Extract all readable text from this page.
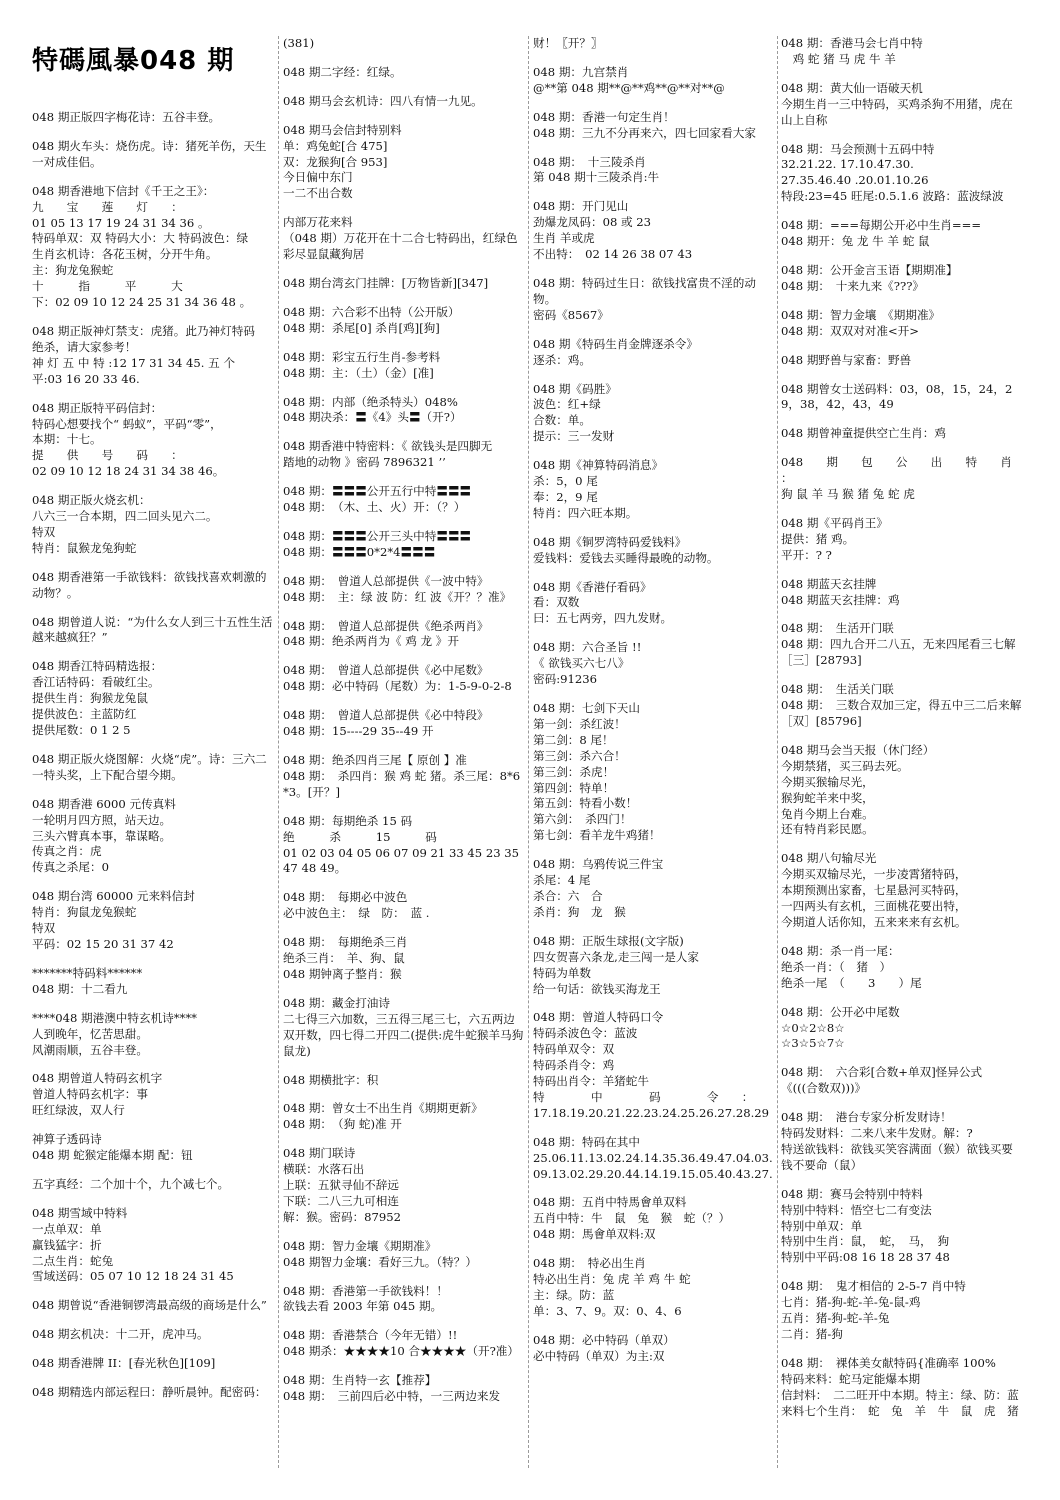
特碼風暴048 期
048 期正版四字梅花诗：五谷丰登。
048 期火车头：烧伤虎。诗：猪死羊伤，天生一对成佳侣。
048 期香港地下信封《千王之王》：
九　　宝　　莲　　灯　　：
01 05 13 17 19 24 31 34 36 。
特码单双：双 特码大小：大 特码波色：绿
生肖玄机诗：各花玉树，分开牛角。
主：狗龙兔猴蛇
十　　　指　　　平　　　大
下：02 09 10 12 24 25 31 34 36 48 。
048 期正版神灯禁支：虎猪。此乃神灯特码
绝杀，请大家参考！
神 灯 五 中 特 :12 17 31 34 45. 五 个
平:03 16 20 33 46.
048 期正版特平码信封：
特码心想要找个“ 蚂蚁”，平码“零”，
本期：十七。
提　　供　　号　　码　　：
02 09 10 12 18 24 31 34 38 46。
048 期正版火烧玄机：
八六三一合本期，四二回头见六二。
特双
特肖：鼠猴龙兔狗蛇
048 期香港第一手欲钱料：欲钱找喜欢刺激的动物？。
048 期曾道人说：“为什么女人到三十五性生活越来越疯狂？”
048 期香江特码精选报：
香江话特码：看破红尘。
提供生肖：狗猴龙兔鼠
提供波色：主蓝防红
提供尾数：0 1 2 5
048 期正版火烧图解：火烧“虎”。诗：三六二一特头奖，上下配合望今期。
048 期香港 6000 元传真料
一轮明月四方照，站天边。
三头六臂真本事，靠谋略。
传真之肖：虎
传真之杀尾：0
048 期台湾 60000 元来料信封
特肖：狗鼠龙兔猴蛇
特双
平码：02 15 20 31 37 42
*******特码料******
048 期：十二看九
****048 期港澳中特玄机诗****
人到晚年，忆苦思甜。
风潮雨顺，五谷丰登。
048 期曾道人特码玄机字
曾道人特码玄机字：事
旺红绿波，双人行
神算子透码诗
048 期 蛇猴定能爆本期 配：钮
五字真经：二个加十个，九个减七个。
048 期雪域中特料
一点单双：单
赢钱猛字：折
二点生肖：蛇兔
雪域送码：05 07 10 12 18 24 31 45
048 期曾说“香港铜锣湾最高级的商场是什么”
048 期玄机决：十二开，虎冲马。
048 期香港牌 II：[春光秋色][109]
048 期精选内部运程曰：静听晨钟。配密码：
(381)
048 期二字经：红绿。
048 期马会玄机诗：四八有情一九见。
048 期马会信封特别料
单：鸡兔蛇[合 475]
双：龙猴狗[合 953]
今日偏中东门
一二不出合数
内部万花来料
（048 期）万花开在十二合七特码出，红绿色彩尽显鼠藏狗居
048 期台湾玄门挂牌：[万物皆新][347]
048 期：六合彩不出特（公开版）
048 期：杀尾[0] 杀肖[鸡][狗]
048 期：彩宝五行生肖-参考料
048 期：主：（土）（金）[准]
048 期：内部（绝杀特头）048%
048 期决杀：〓《4》头〓（开?）
048 期香港中特密料：《 欲钱头是四脚无
踏地的动物 》密码 7896321 ’’
048 期：〓〓〓公开五行中特〓〓〓
048 期：　（木、土、火）开：（？）
048 期：〓〓〓公开三头中特〓〓〓
048 期：〓〓〓0*2*4〓〓〓
048 期：　曾道人总部提供《一波中特》
048 期：　主：绿 波 防：红 波《开？？准》
048 期：　曾道人总部提供《绝杀两肖》
048 期：绝杀两肖为《 鸡 龙 》开
048 期：　曾道人总部提供《必中尾数》
048 期：必中特码（尾数）为：1-5-9-0-2-8
048 期：　曾道人总部提供《必中特段》
048 期：15----29 35--49 开
048 期：绝杀四肖三尾【 原创 】准
048 期：　杀四肖：猴 鸡 蛇 猪。杀三尾：8*6*3。[开？]
048 期：每期绝杀 15 码
绝　　　杀　　　15　　　码
01 02 03 04 05 06 07 09 21 33 45 23 35 47 48 49。
048 期：　每期必中波色
必中波色主：　绿　防：　蓝 .
048 期：　每期绝杀三肖
绝杀三肖：　羊、狗、鼠
048 期钟离子整肖：猴
048 期：藏金打油诗
二七得三六加数，三五得三尾三七，六五两边双开数，四七得二开四二(提供:虎牛蛇猴羊马狗鼠龙)
048 期横批字：积
048 期：曾女士不出生肖《期期更新》
048 期：　（狗 蛇)准 开
048 期门联诗
横联：水落石出
上联：五狱寻仙不辞远
下联：二八三九可相连
解：猴。密码：87952
048 期：智力金壤《期期准》
048 期智力金壤：看好三九。（特？）
048 期：香港第一手欲钱料！！
欲钱去看 2003 年第 045 期。
048 期：香港禁合（今年无错）!!
048 期杀：★★★★10 合★★★★（开?准）
048 期：生肖特一玄【推荐】
048 期：　三前四后必中特，一三两边来发
财！〖开？〗
048 期：九宫禁肖
@**第 048 期**@**鸡**@**对**@
048 期：香港一句定生肖！
048 期：三九不分再来六，四七回家看大家
048 期：　十三陵杀肖
第 048 期十三陵杀肖:牛
048 期：开门见山
劲爆龙凤码：08 或 23
生肖 羊或虎
不出特：　02 14 26 38 07 43
048 期：特码过生日：欲钱找富贵不淫的动物。
密码《8567》
048 期《特码生肖金牌逐杀令》
逐杀：鸡。
048 期《码胜》
波色：红+绿
合数：单。
提示：三一发财
048 期《神算特码消息》
杀：5，0 尾
奉：2，9 尾
特肖：四六旺本期。
048 期《铜罗湾特码爱钱料》
爱钱料：爱钱去买睡得最晚的动物。
048 期《香港仔看码》
看：双数
曰：五七两旁，四九发财。
048 期：六合圣旨 !!
《 欲钱买六七八》
密码:91236
048 期：七剑下天山
第一剑：杀红波！
第二剑：8 尾！
第三剑：杀六合！
第三剑：杀虎！
第四剑：特单！
第五剑：特看小数！
第六剑：　杀四门！
第七剑：看羊龙牛鸡猪！
048 期：乌鸦传说三件宝
杀尾：4 尾
杀合：六　合
杀肖：狗　龙　猴
048 期：正版生球报(文字版)
四女贺喜六条龙,走三闯一是人家
特码为单数
给一句话：欲钱买海龙王
048 期：曾道人特码口令
特码杀波色令：蓝波
特码单双令：双
特码杀肖令：鸡
特码出肖令：羊猪蛇牛
特　　　　中　　　　码　　　　令　　：
17.18.19.20.21.22.23.24.25.26.27.28.29
048 期：特码在其中
25.06.11.13.02.24.14.35.36.49.47.04.03.
09.13.02.29.20.44.14.19.15.05.40.43.27.
048 期：五肖中特馬會单双料
五肖中特：牛　鼠　兔　猴　蛇（？）
048 期：馬會单双料:双
048 期：　特必出生肖
特必出生肖：兔 虎 羊 鸡 牛 蛇
主：绿。防：蓝
单：3、7、9。双：0、4、6
048 期：必中特码（单双）
必中特码（单双）为主:双
048 期：香港马会七肖中特
　鸡 蛇 猪 马 虎 牛 羊
048 期：黄大仙一语破天机
今期生肖一三中特码，买鸡杀狗不用猪，虎在山上自称
048 期：马会预测十五码中特
32.21.22. 17.10.47.30.
27.35.46.40 .20.01.10.26
特段:23=45 旺尾:0.5.1.6 波路：蓝波绿波
048 期：===每期公开必中生肖===
048 期开：兔 龙 牛 羊 蛇 鼠
048 期：公开金言玉语【期期准】
048 期：　十来九来《???》
048 期：智力金壤　《期期准》
048 期：双双对对准<开>
048 期野兽与家畜：野兽
048 期曾女士送码料：03，08，15，24，29，38，42，43，49
048 期曾神童提供空亡生肖：鸡
048　　期　　包　　公　　出　　特　　肖　　：
狗 鼠 羊 马 猴 猪 兔 蛇 虎
048 期《平码肖王》
提供：猪 鸡。
平开：? ?
048 期蓝天玄挂牌
048 期蓝天玄挂牌：鸡
048 期：　生活开门联
048 期：四九合开二八五，无来四尾看三七解［三］[28793]
048 期：　生活关门联
048 期：　三数合双加三定，得五中三二后来解［双］[85796]
048 期马会当天报（休门经）
今期禁猪，买三码去死。
今期买猴输尽光，
猴狗蛇羊来中奖，
兔肖今期上台难。
还有特肖彩民愿。
048 期八句输尽光
今期买双输尽光，一步凌霄猪特码，
本期预测出家畜，七星悬河买特码，
一四两头有玄机，三面桃花要出特，
今期道人话你知，五来来来有玄机。
048 期：杀一肖一尾：
绝杀一肖：（　猪　）
绝杀一尾　（　　3　　）尾
048 期：公开必中尾数
☆0☆2☆8☆
☆3☆5☆7☆
048 期：　六合彩[合数+单双]怪异公式
《(((合数双)))》
048 期：　港台专家分析发财诗！
特码发财料：二来八来牛发财。解：?
特送欲钱料：欲钱买笑容满面（猴）欲钱买要钱不要命（鼠）
048 期：赛马会特别中特料
特别中特料：悟空七二有变法
特别中单双：单
特别中生肖：鼠，　蛇，　马，　狗
特别中平码:08 16 18 28 37 48
048 期：　鬼才相信的 2-5-7 肖中特
七肖：猪-狗-蛇-羊-兔-鼠-鸡
五肖：猪-狗-蛇-羊-兔
二肖：猪-狗
048 期：　裸体美女献特码{准确率 100%
特码来料：蛇马定能爆本期
信封料：　二二旺开中本期。特主：绿、防：蓝
来料七个生肖：　蛇　兔　羊　牛　鼠　虎　猪
